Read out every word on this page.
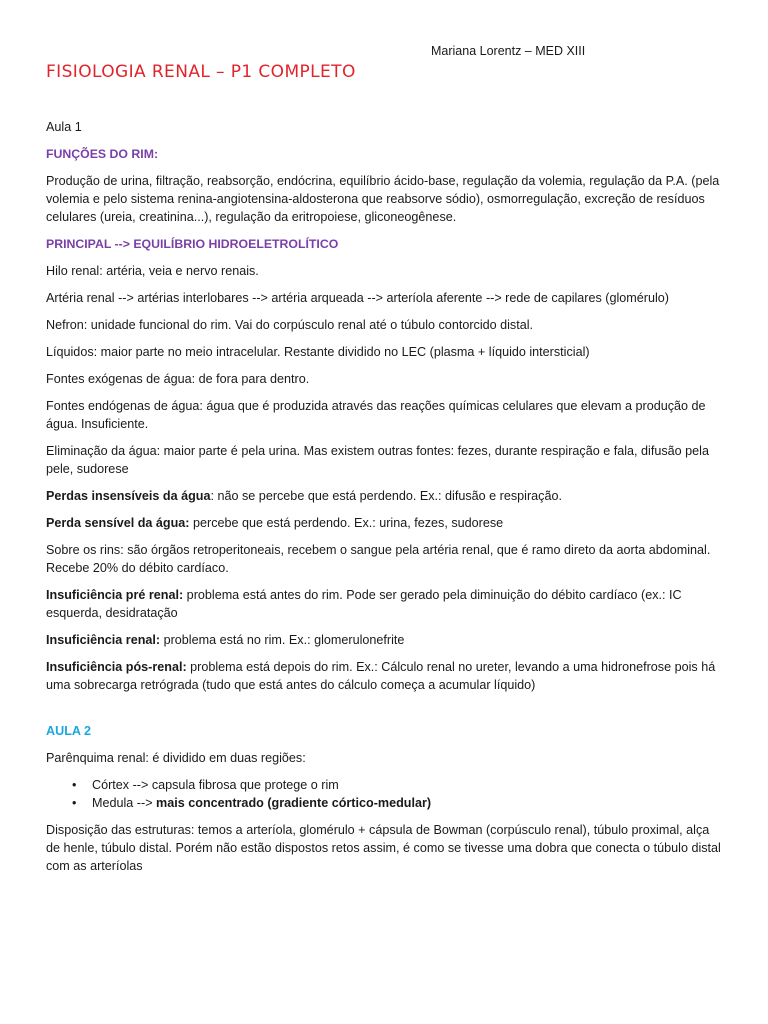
Mariana Lorentz – MED XIII
FISIOLOGIA RENAL – P1 COMPLETO

Aula 1

FUNÇÕES DO RIM:

Produção de urina, filtração, reabsorção, endócrina, equilíbrio ácido-base, regulação da volemia, regulação da P.A. (pela volemia e pelo sistema renina-angiotensina-aldosterona que reabsorve sódio), osmorregulação, excreção de resíduos celulares (ureia, creatinina...), regulação da eritropoiese, gliconeogênese.

PRINCIPAL --> EQUILÍBRIO HIDROELETROLÍTICO

Hilo renal: artéria, veia e nervo renais.

Artéria renal --> artérias interlobares --> artéria arqueada --> arteríola aferente --> rede de capilares (glomérulo)

Nefron: unidade funcional do rim. Vai do corpúsculo renal até o túbulo contorcido distal.

Líquidos: maior parte no meio intracelular. Restante dividido no LEC (plasma + líquido intersticial)

Fontes exógenas de água: de fora para dentro.

Fontes endógenas de água: água que é produzida através das reações químicas celulares que elevam a produção de água. Insuficiente.

Eliminação da água: maior parte é pela urina. Mas existem outras fontes: fezes, durante respiração e fala, difusão pela pele, sudorese

Perdas insensíveis da água: não se percebe que está perdendo. Ex.: difusão e respiração.

Perda sensível da água: percebe que está perdendo. Ex.: urina, fezes, sudorese

Sobre os rins: são órgãos retroperitoneais, recebem o sangue pela artéria renal, que é ramo direto da aorta abdominal. Recebe 20% do débito cardíaco.

Insuficiência pré renal: problema está antes do rim. Pode ser gerado pela diminuição do débito cardíaco (ex.: IC esquerda, desidratação

Insuficiência renal: problema está no rim. Ex.: glomerulonefrite

Insuficiência pós-renal: problema está depois do rim. Ex.: Cálculo renal no ureter, levando a uma hidronefrose pois há uma sobrecarga retrógrada (tudo que está antes do cálculo começa a acumular líquido)

AULA 2

Parênquima renal: é dividido em duas regiões:

• Córtex --> capsula fibrosa que protege o rim
• Medula --> mais concentrado (gradiente córtico-medular)

Disposição das estruturas: temos a arteríola, glomérulo + cápsula de Bowman (corpúsculo renal), túbulo proximal, alça de henle, túbulo distal. Porém não estão dispostos retos assim, é como se tivesse uma dobra que conecta o túbulo distal com as arteríolas
